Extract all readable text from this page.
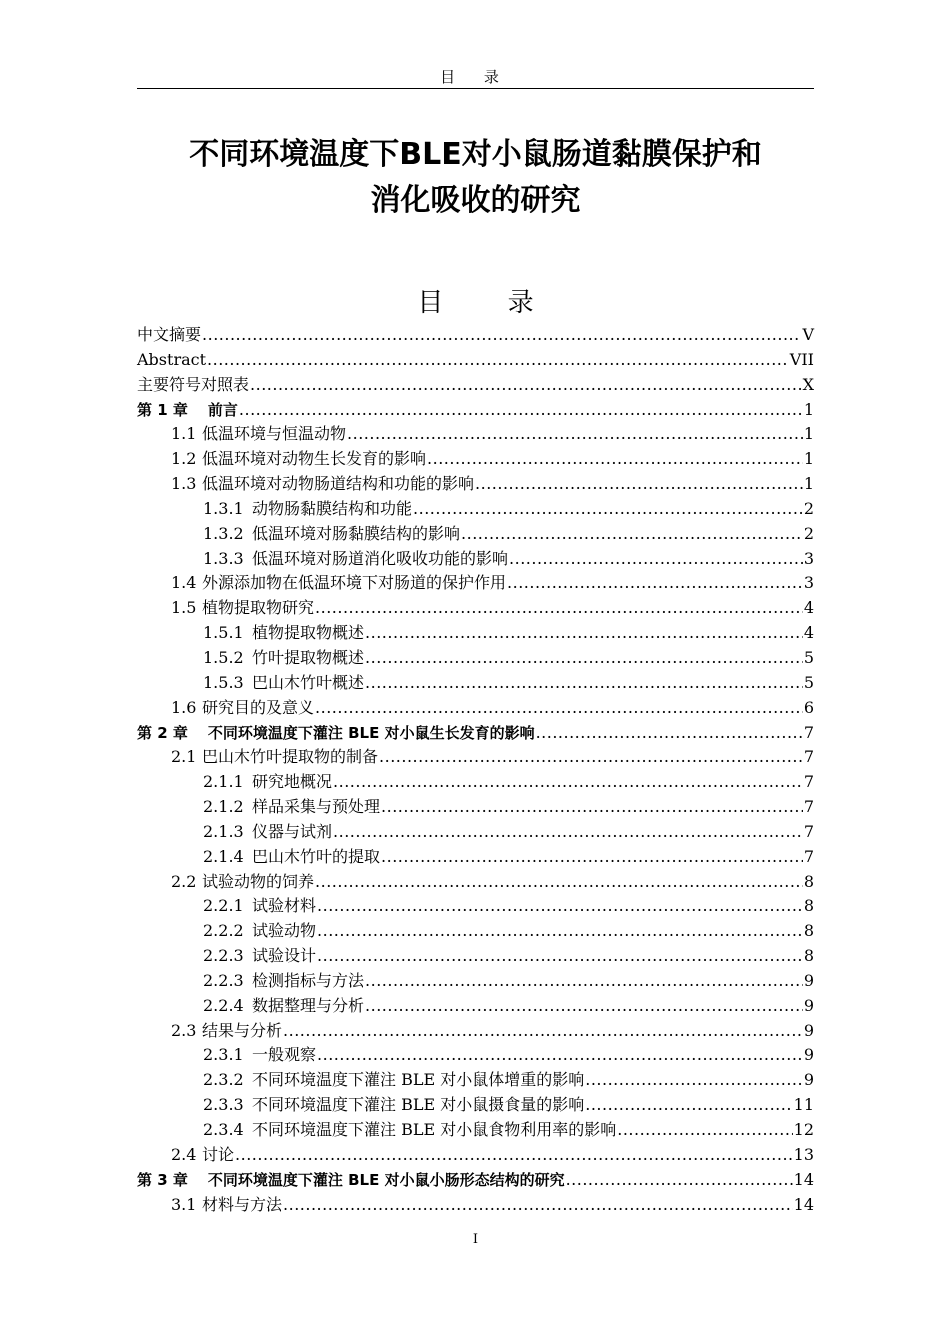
目 录
不同环境温度下BLE对小鼠肠道黏膜保护和
消化吸收的研究
目 录
中文摘要 .....	V
Abstract .....	VII
主要符号对照表 .....	X
第 1 章 前言 .....	1
1.1 低温环境与恒温动物 .....	1
1.2 低温环境对动物生长发育的影响 .....	1
1.3 低温环境对动物肠道结构和功能的影响 .....	1
1.3.1 动物肠黏膜结构和功能 .....	2
1.3.2 低温环境对肠黏膜结构的影响 .....	2
1.3.3 低温环境对肠道消化吸收功能的影响 .....	3
1.4 外源添加物在低温环境下对肠道的保护作用 .....	3
1.5 植物提取物研究 .....	4
1.5.1 植物提取物概述 .....	4
1.5.2 竹叶提取物概述 .....	5
1.5.3 巴山木竹叶概述 .....	5
1.6 研究目的及意义 .....	6
第 2 章 不同环境温度下灌注 BLE 对小鼠生长发育的影响 .....	7
2.1 巴山木竹叶提取物的制备 .....	7
2.1.1 研究地概况 .....	7
2.1.2 样品采集与预处理 .....	7
2.1.3 仪器与试剂 .....	7
2.1.4 巴山木竹叶的提取 .....	7
2.2 试验动物的饲养 .....	8
2.2.1 试验材料 .....	8
2.2.2 试验动物 .....	8
2.2.3 试验设计 .....	8
2.2.3 检测指标与方法 .....	9
2.2.4 数据整理与分析 .....	9
2.3 结果与分析 .....	9
2.3.1 一般观察 .....	9
2.3.2 不同环境温度下灌注 BLE 对小鼠体增重的影响 .....	9
2.3.3 不同环境温度下灌注 BLE 对小鼠摄食量的影响 .....	11
2.3.4 不同环境温度下灌注 BLE 对小鼠食物利用率的影响 .....	12
2.4 讨论 .....	13
第 3 章 不同环境温度下灌注 BLE 对小鼠小肠形态结构的研究 .....	14
3.1 材料与方法 .....	14
I
